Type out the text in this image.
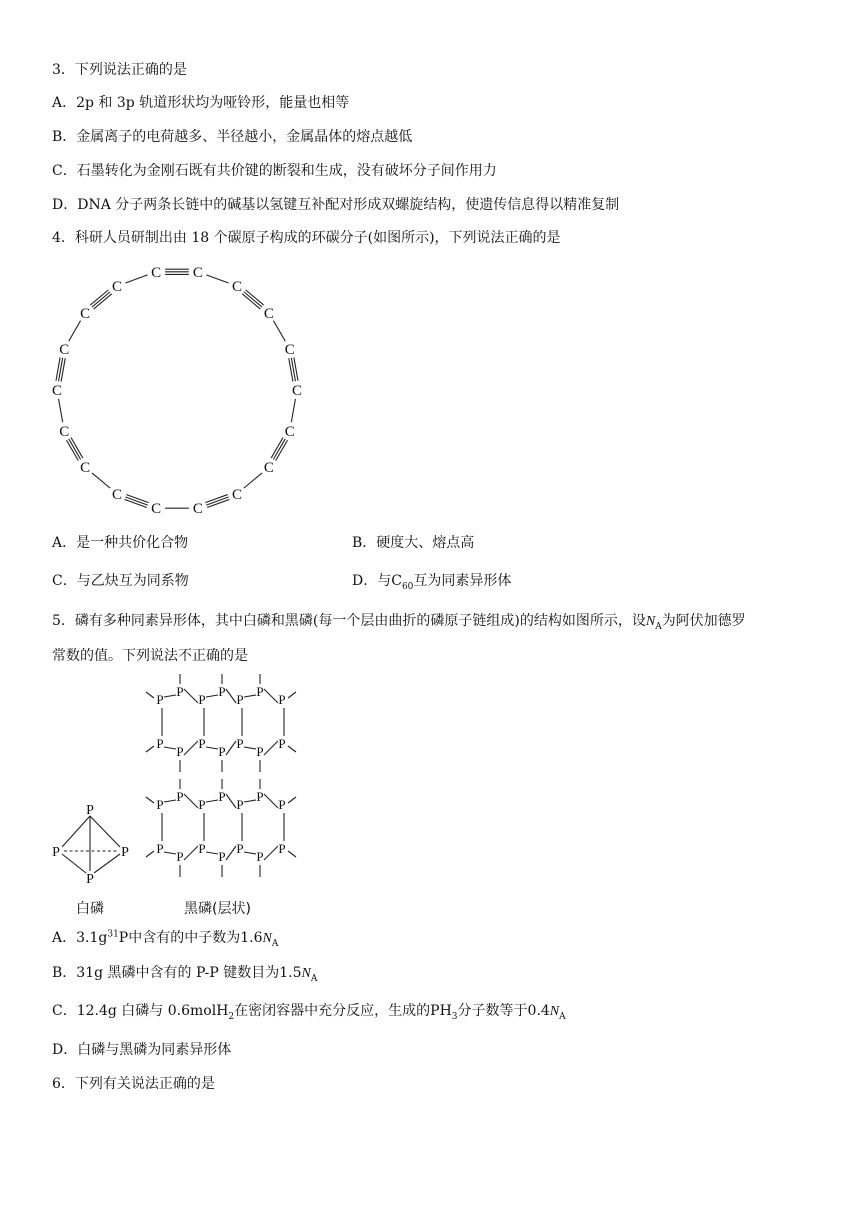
3．下列说法正确的是
A．2p 和 3p 轨道形状均为哑铃形，能量也相等
B．金属离子的电荷越多、半径越小，金属晶体的熔点越低
C．石墨转化为金刚石既有共价键的断裂和生成，没有破坏分子间作用力
D．DNA 分子两条长链中的碱基以氢键互补配对形成双螺旋结构，使遗传信息得以精准复制
4．科研人员研制出由 18 个碳原子构成的环碳分子(如图所示)，下列说法正确的是
C C
C
C
C
C
C
C
C
C
C
C
C
C
C
C
C
C
A．是一种共价化合物	B．硬度大、熔点高
C．与乙炔互为同系物	D．与$C_{60}$互为同素异形体
5．磷有多种同素异形体，其中白磷和黑磷(每一个层由曲折的磷原子链组成)的结构如图所示，设$N_A$为阿伏加德罗
常数的值。下列说法不正确的是
P
P	P
P
白磷
P
P
P
P
P
P
P
P
P
P
P
P
P
P
P
P
P
P
P
P
P
P
P
P
P
P
P
P
黑磷(层状)
A．$3.1g^{31}P$中含有的中子数为$1.6N_A$
B．31g 黑磷中含有的 P-P 键数目为$1.5N_A$
C．12.4g 白磷与 0.6molH$_2$在密闭容器中充分反应，生成的$PH_3$分子数等于$0.4N_A$
D．白磷与黑磷为同素异形体
6．下列有关说法正确的是
